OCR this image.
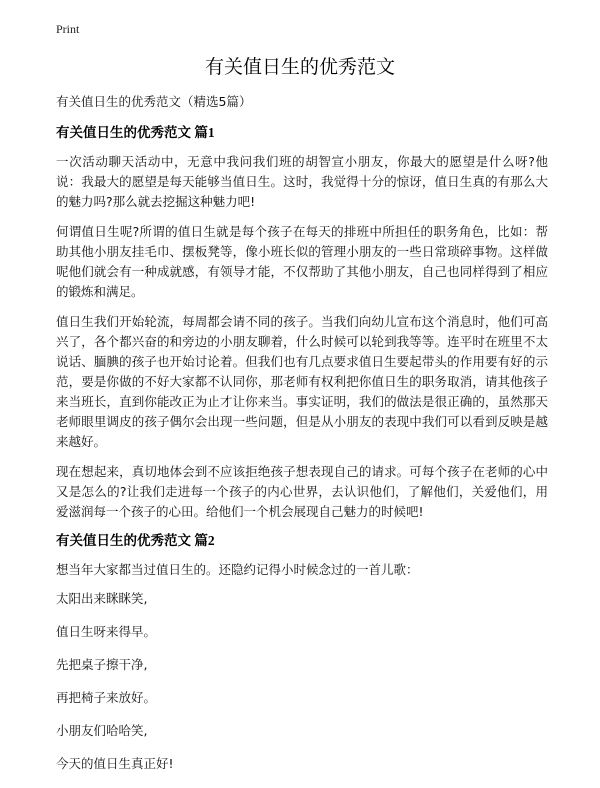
Print
有关值日生的优秀范文

有关值日生的优秀范文（精选5篇）

有关值日生的优秀范文 篇1

一次活动聊天活动中，无意中我问我们班的胡智宣小朋友，你最大的愿望是什么呀?他说：我最大的愿望是每天能够当值日生。这时，我觉得十分的惊讶，值日生真的有那么大的魅力吗?那么就去挖掘这种魅力吧!

何谓值日生呢?所谓的值日生就是每个孩子在每天的排班中所担任的职务角色，比如：帮助其他小朋友挂毛巾、摆板凳等，像小班长似的管理小朋友的一些日常琐碎事物。这样做呢他们就会有一种成就感，有领导才能，不仅帮助了其他小朋友，自己也同样得到了相应的锻炼和满足。

值日生我们开始轮流，每周都会请不同的孩子。当我们向幼儿宣布这个消息时，他们可高兴了，各个都兴奋的和旁边的小朋友聊着，什么时候可以轮到我等等。连平时在班里不太说话、腼腆的孩子也开始讨论着。但我们也有几点要求值日生要起带头的作用要有好的示范，要是你做的不好大家都不认同你，那老师有权利把你值日生的职务取消，请其他孩子来当班长，直到你能改正为止才让你来当。事实证明，我们的做法是很正确的，虽然那天老师眼里调皮的孩子偶尔会出现一些问题，但是从小朋友的表现中我们可以看到反映是越来越好。

现在想起来，真切地体会到不应该拒绝孩子想表现自己的请求。可每个孩子在老师的心中又是怎么的?让我们走进每一个孩子的内心世界，去认识他们，了解他们，关爱他们，用爱滋润每一个孩子的心田。给他们一个机会展现自己魅力的时候吧!

有关值日生的优秀范文 篇2

想当年大家都当过值日生的。还隐约记得小时候念过的一首儿歌：

太阳出来眯眯笑,

值日生呀来得早。

先把桌子擦干净,

再把椅子来放好。

小朋友们哈哈笑,

今天的值日生真正好!
